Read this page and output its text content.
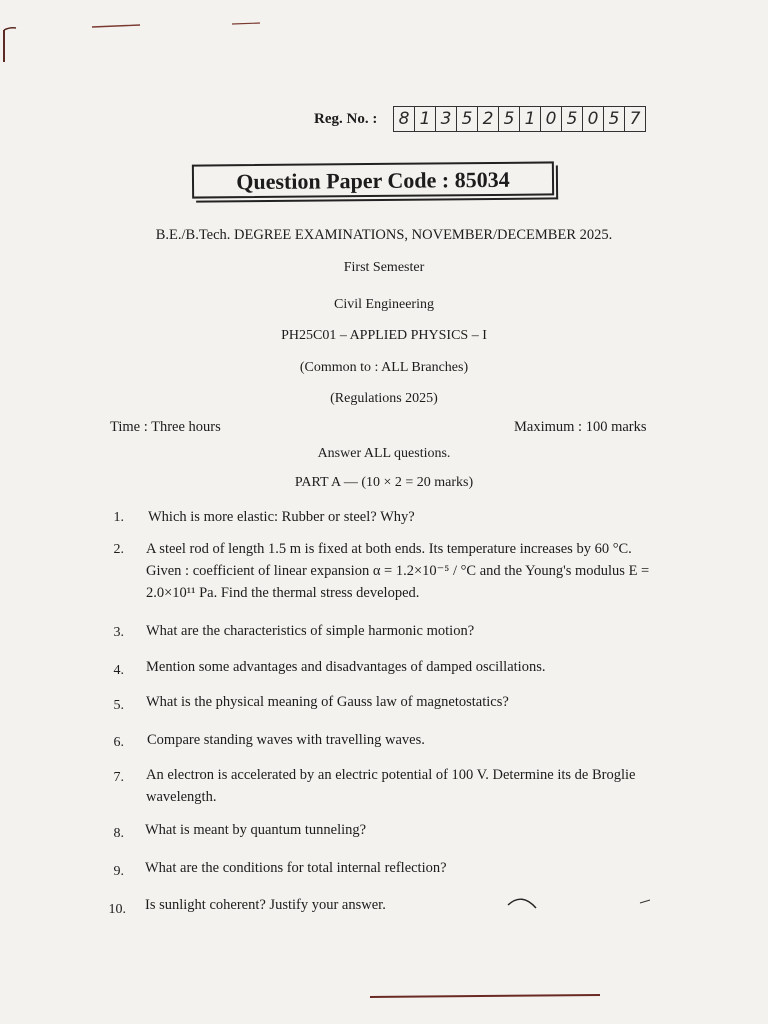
Reg. No. : 8 1 3 5 2 5 1 0 5 0 5 7
Question Paper Code : 85034
B.E./B.Tech. DEGREE EXAMINATIONS, NOVEMBER/DECEMBER 2025.
First Semester
Civil Engineering
PH25C01 – APPLIED PHYSICS – I
(Common to : ALL Branches)
(Regulations 2025)
Time : Three hours	Maximum : 100 marks
Answer ALL questions.
PART A — (10 × 2 = 20 marks)
1. Which is more elastic: Rubber or steel? Why?
2. A steel rod of length 1.5 m is fixed at both ends. Its temperature increases by 60 °C. Given : coefficient of linear expansion α = 1.2×10⁻⁵ / °C and the Young's modulus E = 2.0×10¹¹ Pa. Find the thermal stress developed.
3. What are the characteristics of simple harmonic motion?
4. Mention some advantages and disadvantages of damped oscillations.
5. What is the physical meaning of Gauss law of magnetostatics?
6. Compare standing waves with travelling waves.
7. An electron is accelerated by an electric potential of 100 V. Determine its de Broglie wavelength.
8. What is meant by quantum tunneling?
9. What are the conditions for total internal reflection?
10. Is sunlight coherent? Justify your answer.
